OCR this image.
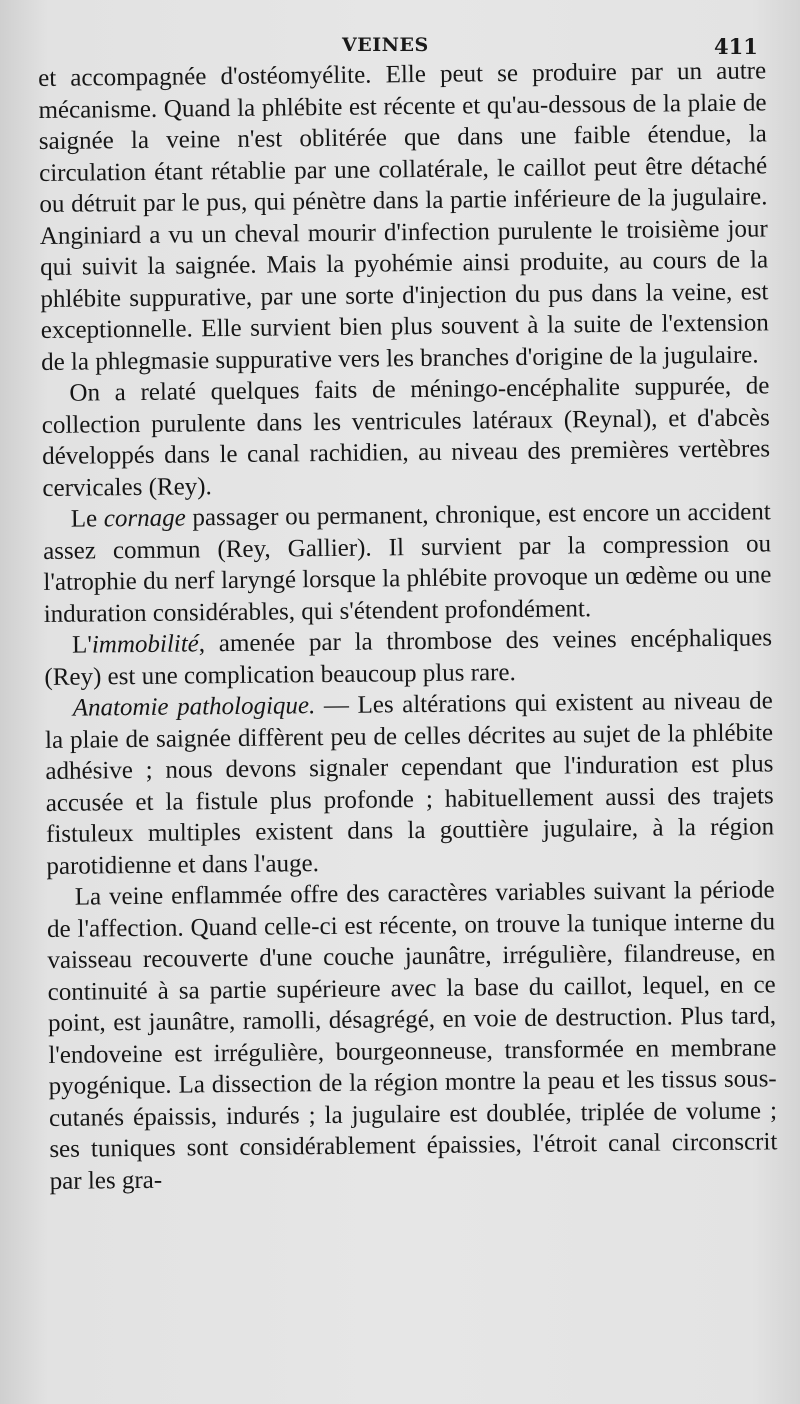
VEINES	411

et accompagnée d'ostéomyélite. Elle peut se produire par un autre mécanisme. Quand la phlébite est récente et qu'au-dessous de la plaie de saignée la veine n'est oblitérée que dans une faible étendue, la circulation étant rétablie par une collatérale, le caillot peut être détaché ou détruit par le pus, qui pénètre dans la partie inférieure de la jugulaire. Anginiard a vu un cheval mourir d'infection purulente le troisième jour qui suivit la saignée. Mais la pyohémie ainsi produite, au cours de la phlébite suppurative, par une sorte d'injection du pus dans la veine, est exceptionnelle. Elle survient bien plus souvent à la suite de l'extension de la phlegmasie suppurative vers les branches d'origine de la jugulaire.

On a relaté quelques faits de méningo-encéphalite suppurée, de collection purulente dans les ventricules latéraux (Reynal), et d'abcès développés dans le canal rachidien, au niveau des premières vertèbres cervicales (Rey).

Le cornage passager ou permanent, chronique, est encore un accident assez commun (Rey, Gallier). Il survient par la compression ou l'atrophie du nerf laryngé lorsque la phlébite provoque un œdème ou une induration considérables, qui s'étendent profondément.

L'immobilité, amenée par la thrombose des veines encéphaliques (Rey) est une complication beaucoup plus rare.

Anatomie pathologique. — Les altérations qui existent au niveau de la plaie de saignée diffèrent peu de celles décrites au sujet de la phlébite adhésive ; nous devons signaler cependant que l'induration est plus accusée et la fistule plus profonde ; habituellement aussi des trajets fistuleux multiples existent dans la gouttière jugulaire, à la région parotidienne et dans l'auge.

La veine enflammée offre des caractères variables suivant la période de l'affection. Quand celle-ci est récente, on trouve la tunique interne du vaisseau recouverte d'une couche jaunâtre, irrégulière, filandreuse, en continuité à sa partie supérieure avec la base du caillot, lequel, en ce point, est jaunâtre, ramolli, désagrégé, en voie de destruction. Plus tard, l'endoveine est irrégulière, bourgeonneuse, transformée en membrane pyogénique. La dissection de la région montre la peau et les tissus sous-cutanés épaissis, indurés ; la jugulaire est doublée, triplée de volume ; ses tuniques sont considérablement épaissies, l'étroit canal circonscrit par les gra-
